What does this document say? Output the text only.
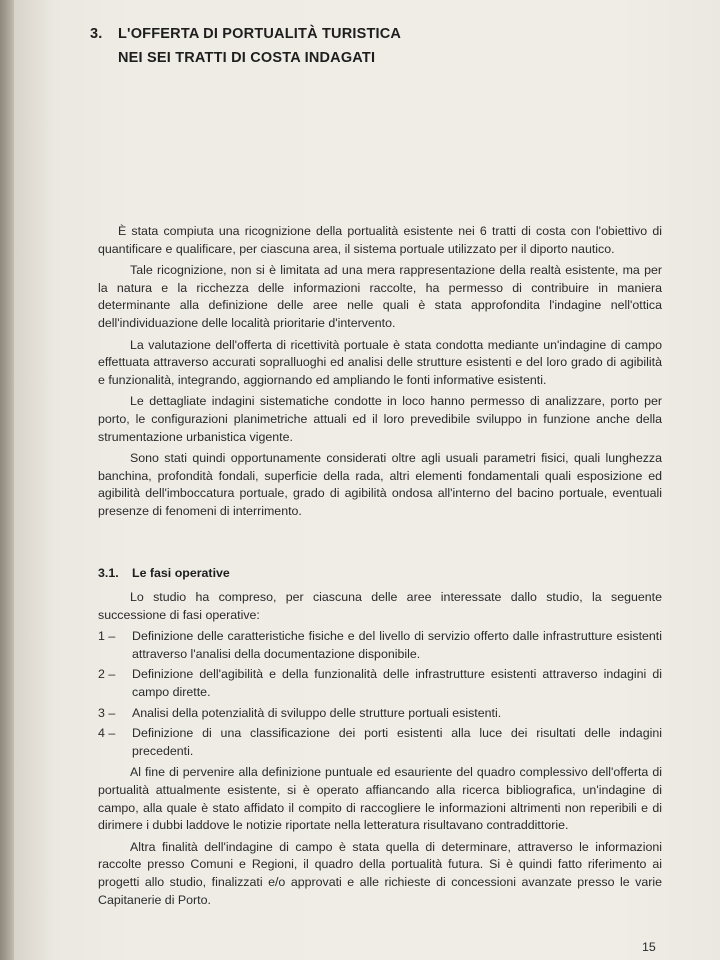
3. L'OFFERTA DI PORTUALITÀ TURISTICA
NEI SEI TRATTI DI COSTA INDAGATI

È stata compiuta una ricognizione della portualità esistente nei 6 tratti di costa con l'obiettivo di quantificare e qualificare, per ciascuna area, il sistema portuale utilizzato per il diporto nautico.

Tale ricognizione, non si è limitata ad una mera rappresentazione della realtà esistente, ma per la natura e la ricchezza delle informazioni raccolte, ha permesso di contribuire in maniera determinante alla definizione delle aree nelle quali è stata approfondita l'indagine nell'ottica dell'individuazione delle località prioritarie d'intervento.

La valutazione dell'offerta di ricettività portuale è stata condotta mediante un'indagine di campo effettuata attraverso accurati sopralluoghi ed analisi delle strutture esistenti e del loro grado di agibilità e funzionalità, integrando, aggiornando ed ampliando le fonti informative esistenti.

Le dettagliate indagini sistematiche condotte in loco hanno permesso di analizzare, porto per porto, le configurazioni planimetriche attuali ed il loro prevedibile sviluppo in funzione anche della strumentazione urbanistica vigente.

Sono stati quindi opportunamente considerati oltre agli usuali parametri fisici, quali lunghezza banchina, profondità fondali, superficie della rada, altri elementi fondamentali quali esposizione ed agibilità dell'imboccatura portuale, grado di agibilità ondosa all'interno del bacino portuale, eventuali presenze di fenomeni di interrimento.

3.1. Le fasi operative

Lo studio ha compreso, per ciascuna delle aree interessate dallo studio, la seguente successione di fasi operative:

1 –	Definizione delle caratteristiche fisiche e del livello di servizio offerto dalle infrastrutture esistenti attraverso l'analisi della documentazione disponibile.
2 –	Definizione dell'agibilità e della funzionalità delle infrastrutture esistenti attraverso indagini di campo dirette.
3 –	Analisi della potenzialità di sviluppo delle strutture portuali esistenti.
4 –	Definizione di una classificazione dei porti esistenti alla luce dei risultati delle indagini precedenti.

Al fine di pervenire alla definizione puntuale ed esauriente del quadro complessivo dell'offerta di portualità attualmente esistente, si è operato affiancando alla ricerca bibliografica, un'indagine di campo, alla quale è stato affidato il compito di raccogliere le informazioni altrimenti non reperibili e di dirimere i dubbi laddove le notizie riportate nella letteratura risultavano contraddittorie.

Altra finalità dell'indagine di campo è stata quella di determinare, attraverso le informazioni raccolte presso Comuni e Regioni, il quadro della portualità futura. Si è quindi fatto riferimento ai progetti allo studio, finalizzati e/o approvati e alle richieste di concessioni avanzate presso le varie Capitanerie di Porto.

15
